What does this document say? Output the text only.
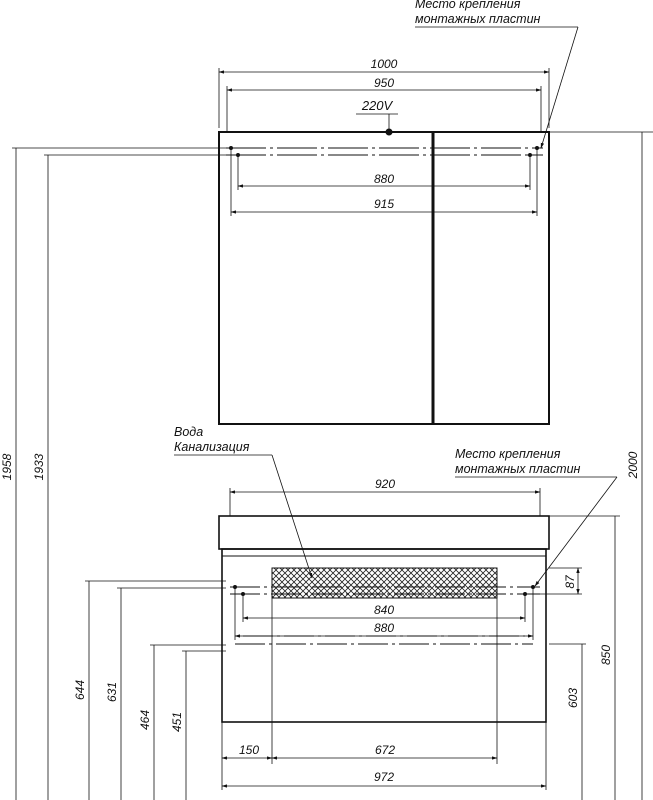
1000
950
220V
880
915
Место крепления
монтажных пластин
1958 1933	2000
Вода
Канализация	Место крепления
монтажных пластин
920
840
880
87
850
603
644 631
464 451
150	672
972
